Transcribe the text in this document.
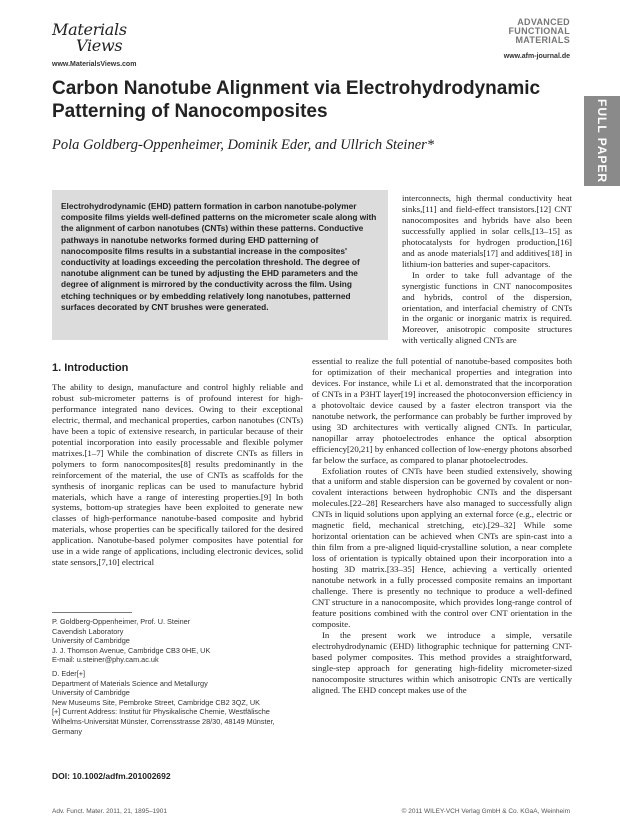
Materials
Views
www.MaterialsViews.com
ADVANCED
FUNCTIONAL
MATERIALS
www.afm-journal.de
FULL PAPER
Carbon Nanotube Alignment via Electrohydrodynamic Patterning of Nanocomposites
Pola Goldberg-Oppenheimer, Dominik Eder, and Ullrich Steiner*
Electrohydrodynamic (EHD) pattern formation in carbon nanotube-polymer composite films yields well-defined patterns on the micrometer scale along with the alignment of carbon nanotubes (CNTs) within these patterns. Conductive pathways in nanotube networks formed during EHD patterning of nanocomposite films results in a substantial increase in the composites' conductivity at loadings exceeding the percolation threshold. The degree of nanotube alignment can be tuned by adjusting the EHD parameters and the degree of alignment is mirrored by the conductivity across the film. Using etching techniques or by embedding relatively long nanotubes, patterned surfaces decorated by CNT brushes were generated.

interconnects, high thermal conductivity heat sinks,[11] and field-effect transistors.[12] CNT nanocomposites and hybrids have also been successfully applied in solar cells,[13–15] as photocatalysts for hydrogen production,[16] and as anode materials[17] and additives[18] in lithium-ion batteries and super-capacitors.

In order to take full advantage of the synergistic functions in CNT nanocomposites and hybrids, control of the dispersion, orientation, and interfacial chemistry of CNTs in the organic or inorganic matrix is required. Moreover, anisotropic composite structures with vertically aligned CNTs are

1. Introduction

The ability to design, manufacture and control highly reliable and robust sub-micrometer patterns is of profound interest for high-performance integrated nano devices. Owing to their exceptional electric, thermal, and mechanical properties, carbon nanotubes (CNTs) have been a topic of extensive research, in particular because of their potential incorporation into easily processable and flexible polymer matrixes.[1–7] While the combination of discrete CNTs as fillers in polymers to form nanocomposites[8] results predominantly in the reinforcement of the material, the use of CNTs as scaffolds for the synthesis of inorganic replicas can be used to manufacture hybrid materials, which have a range of interesting properties.[9] In both systems, bottom-up strategies have been exploited to generate new classes of high-performance nanotube-based composite and hybrid materials, whose properties can be specifically tailored for the desired application. Nanotube-based polymer composites have potential for use in a wide range of applications, including electronic devices, solid state sensors,[7,10] electrical

essential to realize the full potential of nanotube-based composites both for optimization of their mechanical properties and integration into devices. For instance, while Li et al. demonstrated that the incorporation of CNTs in a P3HT layer[19] increased the photoconversion efficiency in a photovoltaic device caused by a faster electron transport via the nanotube network, the performance can probably be further improved by using 3D architectures with vertically aligned CNTs. In particular, nanopillar array photoelectrodes enhance the optical absorption efficiency[20,21] by enhanced collection of low-energy photons absorbed far below the surface, as compared to planar photoelectrodes.

Exfoliation routes of CNTs have been studied extensively, showing that a uniform and stable dispersion can be governed by covalent or non-covalent interactions between hydrophobic CNTs and the dispersant molecules.[22–28] Researchers have also managed to successfully align CNTs in liquid solutions upon applying an external force (e.g., electric or magnetic field, mechanical stretching, etc).[29–32] While some horizontal orientation can be achieved when CNTs are spin-cast into a thin film from a pre-aligned liquid-crystalline solution, a near complete loss of orientation is typically obtained upon their incorporation into a hosting 3D matrix.[33–35] Hence, achieving a vertically oriented nanotube network in a fully processed composite remains an important challenge. There is presently no technique to produce a well-defined CNT structure in a nanocomposite, which provides long-range control of feature positions combined with the control over CNT orientation in the composite.

In the present work we introduce a simple, versatile electrohydrodynamic (EHD) lithographic technique for patterning CNT-based polymer composites. This method provides a straightforward, single-step approach for generating high-fidelity micrometer-sized nanocomposite structures within which anisotropic CNTs are vertically aligned. The EHD concept makes use of the

P. Goldberg-Oppenheimer, Prof. U. Steiner
Cavendish Laboratory
University of Cambridge
J. J. Thomson Avenue, Cambridge CB3 0HE, UK
E-mail: u.steiner@phy.cam.ac.uk
D. Eder[+]
Department of Materials Science and Metallurgy
University of Cambridge
New Museums Site, Pembroke Street, Cambridge CB2 3QZ, UK
[+] Current Address: Institut für Physikalische Chemie, Westfälische Wilhelms-Universität Münster, Corrensstrasse 28/30, 48149 Münster, Germany
DOI: 10.1002/adfm.201002692
Adv. Funct. Mater. 2011, 21, 1895–1901	© 2011 WILEY-VCH Verlag GmbH & Co. KGaA, Weinheim
